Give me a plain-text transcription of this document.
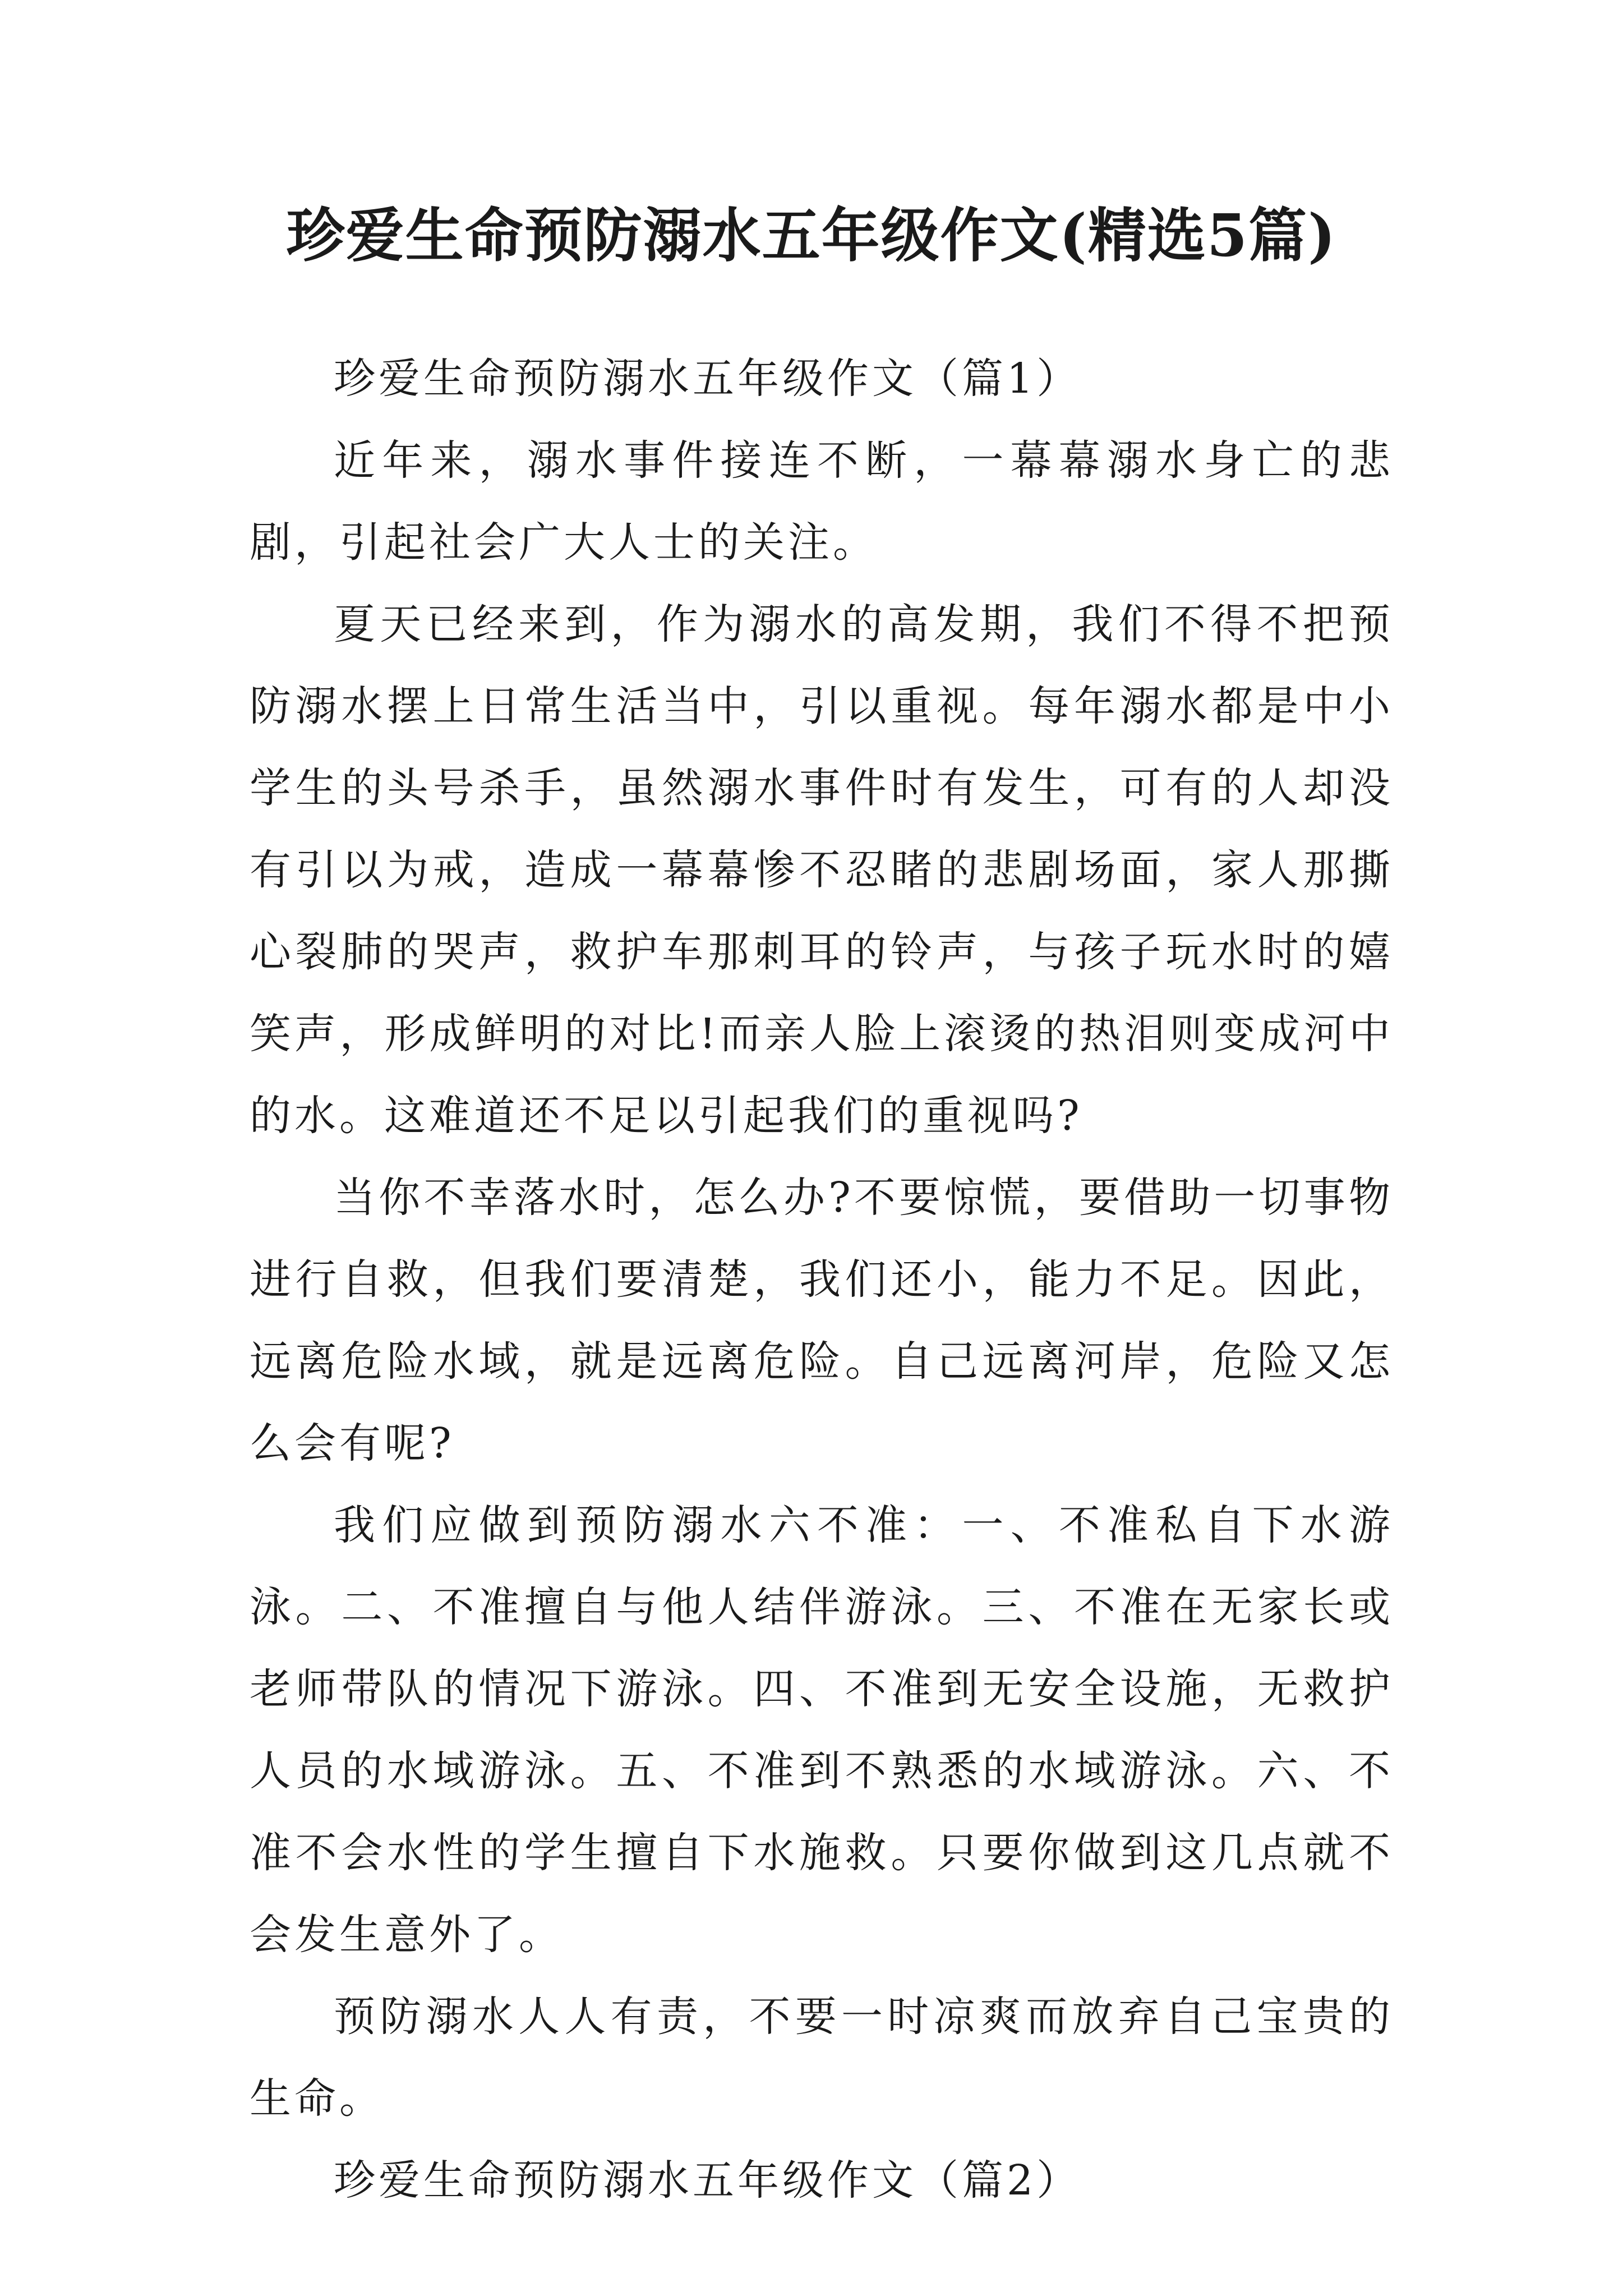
珍爱生命预防溺水五年级作文(精选5篇)

珍爱生命预防溺水五年级作文（篇1）

近年来，溺水事件接连不断，一幕幕溺水身亡的悲剧，引起社会广大人士的关注。

夏天已经来到，作为溺水的高发期，我们不得不把预防溺水摆上日常生活当中，引以重视。每年溺水都是中小学生的头号杀手，虽然溺水事件时有发生，可有的人却没有引以为戒，造成一幕幕惨不忍睹的悲剧场面，家人那撕心裂肺的哭声，救护车那刺耳的铃声，与孩子玩水时的嬉笑声，形成鲜明的对比!而亲人脸上滚烫的热泪则变成河中的水。这难道还不足以引起我们的重视吗?

当你不幸落水时，怎么办?不要惊慌，要借助一切事物进行自救，但我们要清楚，我们还小，能力不足。因此，远离危险水域，就是远离危险。自己远离河岸，危险又怎么会有呢?

我们应做到预防溺水六不准：一、不准私自下水游泳。二、不准擅自与他人结伴游泳。三、不准在无家长或老师带队的情况下游泳。四、不准到无安全设施，无救护人员的水域游泳。五、不准到不熟悉的水域游泳。六、不准不会水性的学生擅自下水施救。只要你做到这几点就不会发生意外了。

预防溺水人人有责，不要一时凉爽而放弃自己宝贵的生命。

珍爱生命预防溺水五年级作文（篇2）
